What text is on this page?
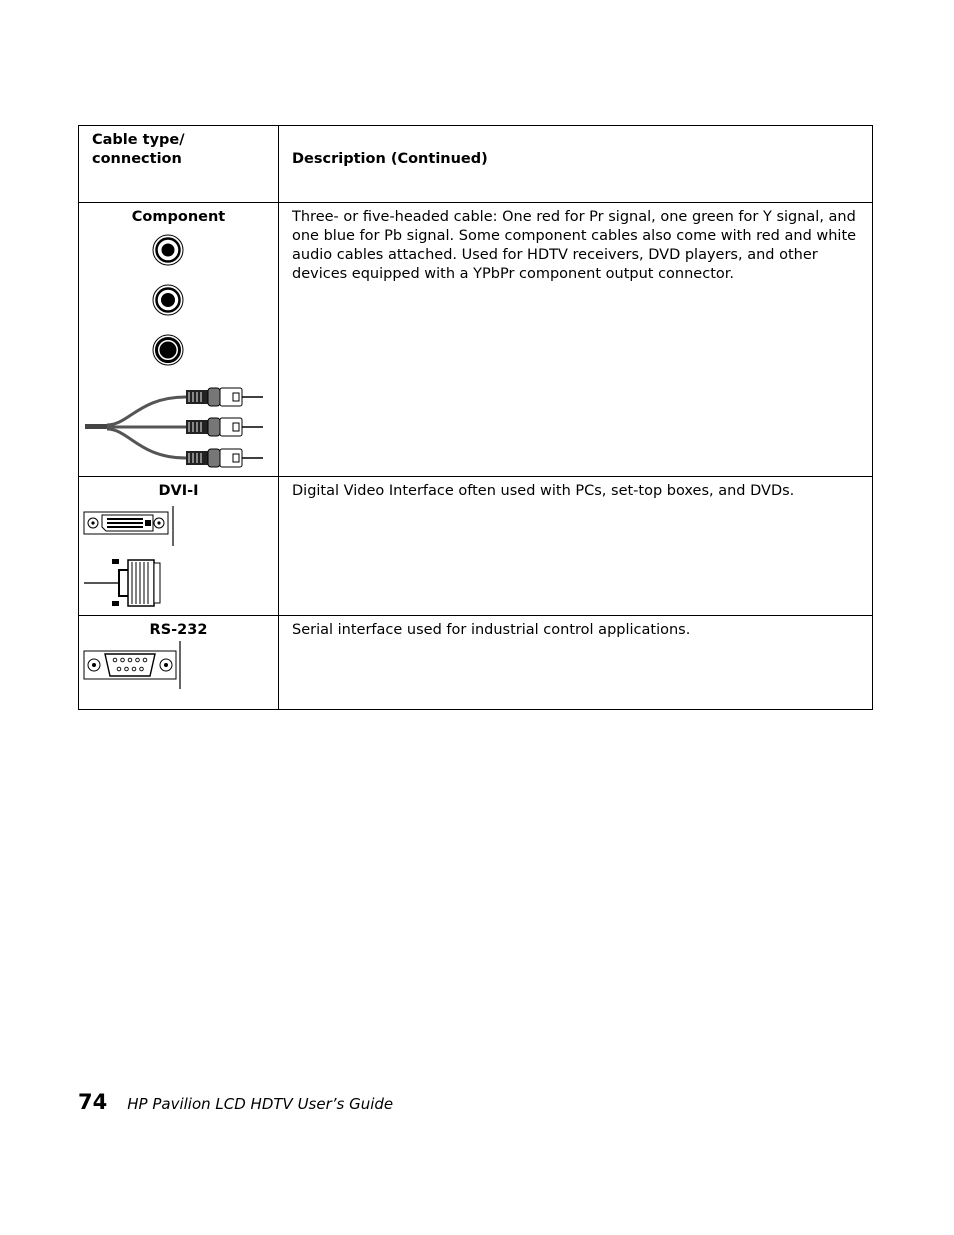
Cable type/
connection	Description (Continued)

Component	Three- or five-headed cable: One red for Pr signal, one green for Y signal, and one blue for Pb signal. Some component cables also come with red and white audio cables attached. Used for HDTV receivers, DVD players, and other devices equipped with a YPbPr component output connector.

DVI-I	Digital Video Interface often used with PCs, set-top boxes, and DVDs.

RS-232	Serial interface used for industrial control applications.
74 HP Pavilion LCD HDTV User’s Guide
